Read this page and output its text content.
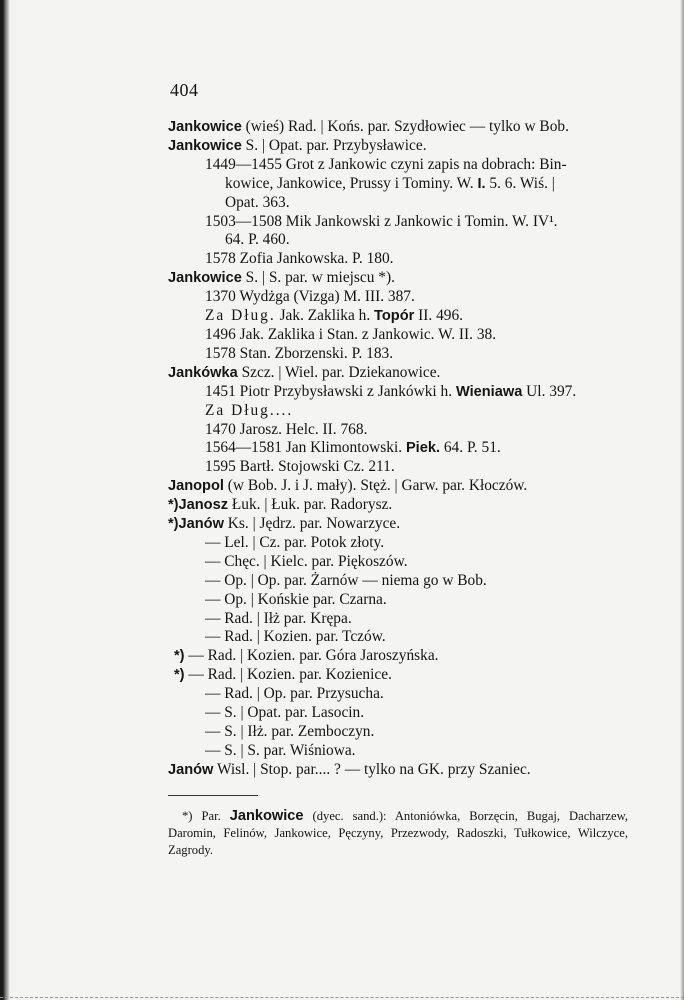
404
Jankowice (wieś) Rad. | Końs. par. Szydłowiec — tylko w Bob.
Jankowice S. | Opat. par. Przybysławice.
1449—1455 Grot z Jankowic czyni zapis na dobrach: Bin-
kowice, Jankowice, Prussy i Tominy. W. I. 5. 6. Wiś. |
Opat. 363.
1503—1508 Mik Jankowski z Jankowic i Tomin. W. IV¹.
64. P. 460.
1578 Zofia Jankowska. P. 180.
Jankowice S. | S. par. w miejscu *).
1370 Wydżga (Vizga) M. III. 387.
Za Dług. Jak. Zaklika h. Topór II. 496.
1496 Jak. Zaklika i Stan. z Jankowic. W. II. 38.
1578 Stan. Zborzenski. P. 183.
Jankówka Szcz. | Wiel. par. Dziekanowice.
1451 Piotr Przybysławski z Jankówki h. Wieniawa Ul. 397.
Za Dług....
1470 Jarosz. Helc. II. 768.
1564—1581 Jan Klimontowski. Piek. 64. P. 51.
1595 Bartł. Stojowski Cz. 211.
Janopol (w Bob. J. i J. mały). Stęż. | Garw. par. Kłoczów.
*)Janosz Łuk. | Łuk. par. Radorysz.
*)Janów Ks. | Jędrz. par. Nowarzyce.
— Lel. | Cz. par. Potok złoty.
— Chęc. | Kielc. par. Piękoszów.
— Op. | Op. par. Żarnów — niema go w Bob.
— Op. | Końskie par. Czarna.
— Rad. | Iłż par. Krępa.
— Rad. | Kozien. par. Tczów.
*) — Rad. | Kozien. par. Góra Jaroszyńska.
*) — Rad. | Kozien. par. Kozienice.
— Rad. | Op. par. Przysucha.
— S. | Opat. par. Lasocin.
— S. | Iłż. par. Zemboczyn.
— S. | S. par. Wiśniowa.
Janów Wisl. | Stop. par.... ? — tylko na GK. przy Szaniec.

*) Par. Jankowice (dyec. sand.): Antoniówka, Borzęcin, Bugaj, Dacharzew, Daromin, Felinów, Jankowice, Pęczyny, Przezwody, Radoszki, Tułkowice, Wilczyce, Zagrody.
